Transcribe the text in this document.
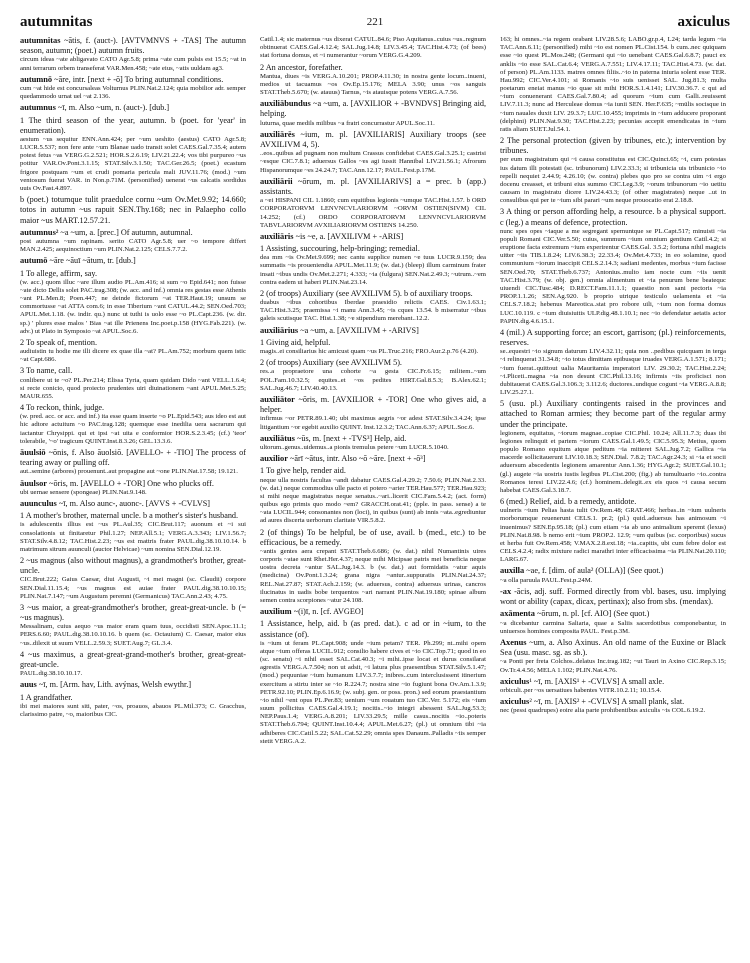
autumnitas	221	axiculus
autumnitas ~ātis, f. (auct-). [AVTVMNVS + -TAS] The autumn season, autumn; (poet.) autumn fruits.
circum ideas ~ate abligavato CATO Agr.5.8; prima ~ate cum pulsis est 15.5; ~at in anni terrarum orbem transeferat VAR.Men.458; ~ate eius, ~atis uuldam ag3.
autumnō ~āre, intr. [next + -ō] To bring autumnal conditions.
cum ~at hide est concursaleas Volturnus PLIN.Nat.2.124; quia mobilior adr. semper quedammodo urnat uel ~at 2.136.
autumnus ~ī, m. Also ~um, n. (auct-). [dub.]
1 The third season of the year, autumn. b (poet. for 'year' in enumeration).
aestum ~us sequitur ENN.Ann.424; per ~um ueshito (aestus) CATO Agr.5.8; LUCR.5.537; non fere ante ~um Blanae uado transit solet CAES.Gal.7.35.4; autem potest fetus ~as VERG.G.2.521; HOR.S.2.6.19; LIV.21.22.4; vos tibi purpureo ~us potitur VAR.Ov.Pont.3.1.15; STAT.Silv.3.1.50; TAC.Ger.26.5; (poet.) ecastum frigore postquam ~um et crudi pomaria pericula mali JUV.11.76; (mod.) ~um ventosum fuerat VAR. in Non.p.71M. (personified) uenerat ~us calcatis sordidus uuis Ov.Fast.4.897.
b (poet.) totumque tulit praedulce cornu ~um Ov.Met.9.92; 14.660; totos in autumn ~us rapuit SEN.Thy.168; nec in Palaepho collo maior ~us MART.12.57.21.
autumnus² ~a ~um, a. [prec.] Of autumn, autumnal.
post autumna ~um rapinam. serito CATO Agr.5.8; uer ~o tempore differt MAN.2.425; aequinoctium ~um PLIN.Nat.2.125; CELS.7.7.2.
autumō ~āre ~āuī ~ātum, tr. [dub.]
1 To allege, affirm, say.
(w. acc.) quom illuc ~are illum audio PL.Am.416; si sum ~o Epid.641; non fuisse ~ate dicto Dellis solet PAC.trag.308; (w. acc. and inf.) omnia res gestas esse Athenis ~ant PL.Men.8; Poen.447; ne deinde fictorum ~at TER.Haut.19; unsum se commortusse ~at ATTA com.6; in esse Tiberium ~ant CATUL.44.2; SEN.Oed.703; APUL.Met.1.18. (w. indir. qu.) nunc ut tuthi is uolo esse ~o PL.Capt.236. (w. dir. sp.) ' plures esse malos ' Bias ~at ille Prienens Inc.poet.p.158 (HYG.Fab.221). (w. adv.) ut Plato in Symposio ~at APUL.Soc.6.
2 To speak of, mention.
audiuistin tu hodie me illi dicere ex quae illa ~at? PL.Am.752; morbum quem istic ~at Capt.686.
3 To name, call.
conlibere ut te ~o? PL.Per.214; Elissa Tyria, quam quidam Dido ~ant VELL.1.6.4; si recte conicio, quod proiecto prudentes uiri diuinationem ~ant APUL.Met.5.25; MAUR.655.
4 To reckon, think, judge.
(w. pred. acc. or acc. and inf.) ita esse quam inserte ~o PL.Epid.543; aus ideo est aut hic adtore actuitum ~o PAC.trag.128; quemque esse inedilia uera sacrarum qui iactantur Chrysippi. qui et ipsi ~at uita e conformior HOR.S.2.3.45; (cf.) 'teor' tolerabile, '~o' tragicum QUINT.Inst.8.3.26; GEL.13.3.6.
āuulsiō ~ōnis, f. Also āuolsiō. [AVELLO- + -TIO] The process of tearing away or pulling off.
aut..semine (arbores) prouenunt..aut propagine aut ~one PLIN.Nat.17.58; 19.121.
āuulsor ~ōris, m. [AVELLO + -TOR] One who plucks off.
ubi uernae sensere (spongeae) PLIN.Nat.9.148.
auunculus ~ī, m. Also aunc-, auonc-. [AVVS + -CVLVS]
1 A mother's brother, maternal uncle. b a mother's sister's husband.
is adulescentis illius est ~us PL.Aul.35; CIC.Brut.117; auonum et ~i sui consolationis ut finitaretur Phil.1.27; NEP.All.5.1; VERG.A.3.343; LIV.1.56.7; STAT.Silv.4.8.12; TAC.Hist.2.23; ~us est mattris frater PAUL.dig.38.10.10.14. b matrimum sitrum auunculi (auctor Helvicae) ~um nomina SEN.Dial.12.19.
2 ~us magnus (also without magnus), a grandmother's brother, great-uncle.
CIC.Brut.222; Gaius Caesar, diui Augusti, ~i mei magni (sc. Claudii) corpore SEN.Dial.11.15.4; ~us magnus est auiae frater PAUL.dig.38.10.10.15; PLIN.Nat.7.147; ~um Augustum peremni (Germanicus) TAC.Ann.2.43; 4.75.
3 ~us maior, a great-grandmother's brother, great-great-uncle. b (= ~us magnus).
Messalinam, cuius aequo ~us maior eram quam tuus, occidisti SEN.Apoc.11.1; PERS.6.60; PAUL.dig.38.10.10.16. b quem (sc. Octauium) C. Caesar, maior eius ~us..dilexit ut suum VELL.2.59.3; SUET.Aug.7; GL.3.4.
4 ~us maximus, a great-great-grand-mother's brother, great-great-great-uncle.
PAUL.dig.38.10.10.17.
auus ~ī, m. [Arm. hav, Lith. avýnas, Welsh ewythr.]
1 A grandfather.
ibi mei maiores sunt siti, pater, ~os, proauos, abauos PL.Mil.373; C. Gracchus, clarissimo patre, ~o, maioribus CIC.
Catil.1.4; sic maternus ~us dixerat CATUL.84.6; Piso Aquitanus..cuius ~us..regnum obtinuerat CAES.Gal.4.12.4; SAL.Jug.14.8; LIV.3.45.4; TAC.Hist.4.73; (of bees) stat fortuna domus, et ~i numerantur ~orum VERG.G.4.209.
2 An ancestor, forefather.
Mantua, diues ~is VERG.A.10.201; PROP.4.11.30; in nostra gente locum..inueni, medios ut tacuamus ~os Ov.Ep.15.176; MELA 3.90; unus ~os sanguis STAT.Theb.5.670; (w. atauus) Tarnus, ~is atauisque potens VERG.A.7.56.
auxiliābundus ~a ~um, a. [AVXILIOR + -BVNDVS] Bringing aid, helping.
luturna, quae medils milibus ~a fratri concurrastur APUL.Soc.11.
auxiliārēs ~ium, m. pl. [AVXILIARIS] Auxiliary troops (see AVXILIVM 4, 5).
..eos..quibus ad pugnam non multum Crassus confidebat CAES.Gal.3.25.1; castrisi ~esque CIC.7.8.1; aduersus Gallos ~es agi iussit Hannibal LIV.21.56.1; Afrorum Hispanorumque ~es 24.24.7; TAC.Ann.12.17; PAUL.Fest.p.17M.
auxiliārii ~ōrum, m. pl. [AVXILIARIVS] a = prec. b (app.) assistants.
a ~ei HISPANI CIL 1.1860; cum equitibus legionis ~umque TAC.Hist.1.57. b ORD CORPORATORVM LENVNCVLARIORVM ~ORVM OSTIEN(SIVM) CIL 14.252; (cf.) ORDO CORPORATORVM LENVNCVLARIORVM TABVLARIORVM AVXILIARIORVM OSTIENS 14.250.
auxiliāris ~is ~e, a. [AVXILIVM + -ARIS]
1 Assisting, succouring, help-bringing; remedial.
dea mm ~is Ov.Met.9.699; nec cantu supplice numen ~e tuus LUCR.9.159; dea summatis ~is proueniendia APUL.Met.11.9; (w. dat.) (bleep) illum carminum frater insati ~ibus undis Ov.Met.2.271; 4.333; ~ia (fulgura) SEN.Nat.2.49.3; ~utrum..~em contra eadem ui haberi PLIN.Nat.23.14.
2 (of troops) Auxiliary (see AVXILIVM 5). b of auxiliary troops.
duabus ~ibus cohortibus Iberdae praesidio relictis CAES. Civ.1.63.1; TAC.Hist.3.25; praemissa ~i manu Ann.3.45; ~is cques 13.54. b miserratur ~ibus galeis scutisque TAC. Hist.1.38; ~e stipendium merebant..12.2.
auxiliārius ~a ~um, a. [AVXILIVM + -ARIVS]
1 Giving aid, helpful.
magis..ei consiliarius hic amicust quam ~us PL.Truc.216; FRO.Aur.2.p.76 (4.20).
2 (of troops) Auxiliary (see AVXILIVM 5).
res..a propraetore una cohorte ~a gesta CIC.Fr.6.15; militem..~um POL.Fam.10.32.5; equites..et ~os pedites HIRT.Gal.8.5.3; B.Alex.62.1; SAL.Jug.46.7; LIV.40.40.13.
auxiliātor ~ōris, m. [AVXILIOR + -TOR] One who gives aid, a helper.
infirmus ~or PETR.89.1.40; ubi maximus aegris ~or adest STAT.Silv.3.4.24; ipse litigantium ~or egebit auxilio QUINT. Inst.12.3.2; TAC.Ann.6.37; APUL.Soc.6.
auxiliātus ~ūs, m. [next + -TVS³] Help, aid.
ultorum..genus..uidemus..a pionis tremulus petere ~um LUCR.5.1040.
auxilior ~ārī ~ātus, intr. Also ~ō ~āre. [next + -ō³]
1 To give help, render aid.
neque ulla nostris facultas ~andi dabatur CAES.Gal.4.29.2; 7.50.6; PLIN.Nat.2.33. (w. dat.) neque commodius ulle pacto ei potero ~arier TER.Hau.577; TER.Hau.923; si mihi neque magistratus neque senatus..~ari..licerit CIC.Fam.5.4.2; (act. form) quibus ego primis quo modo ~em? GRACCH.orat.41; (pple. in pass. sense) a te ~ata LUCIL.944; consonantes non (loci), in quibus (sunt) ab innis ~ata..egrediuntur ad aures discerta uerborum claritate VIR.5.8.2.
2 (of things) To be helpful, be of use, avail. b (med., etc.) to be efficacious, be a remedy.
~antis gentes aera crepant STAT.Theb.6.686; (w. dat.) nihil Numantinis uires corporis ~atae sunt Rhet.Her.4.37; neque mihi Micipsae patris mei beneficia neque uostra decreta ~antur SAL.Jug.14.3. b (w. dat.) aut formidatis ~atur aquis (medicina) Ov.Pont.1.3.24; grana nigra ~antur..suppuratis PLIN.Nat.24.37; REL.Nat.27.87; STAT.Ach.2.159; (w. aduersus, contra) aduersus urinas, cancros ilucinatus in uadis bobe terquentos ~ari narrant PLIN.Nat.19.180; spinae album semen contra scorpiones ~atur 24.108.
auxilium ~(i)ī, n. [cf. AVGEO]
1 Assistance, help, aid. b (as pred. dat.). c ad or in ~ium, to the assistance (of).
is ~ium ut feram PL.Capt.908; unde ~ium petam? TER. Ph.299; nt..mihi opem atque ~ium offeras LUCIL.912; consilio habere cives et ~io CIC.Top.71; quod in eo (sc. senatu) ~i nihil esset SAL.Cat.40.3; ~i mihi..ipse locat et durus consilarat agrestis VERG.A.7.504; non ut adsit, ~i latura plus praesentibus STAT.Silv.5.1.47; (mod.) pequuniae ~ium humanum LIV.3.7.7; inibres..cum interclusissent itinerium exercitum a stirtu inter se ~io R.224.7; nostra sine ~io fugiunt bona Ov.Am.1.3.9; PETR.92.10; PLIN.Ep.6.16.9; (w. subj. gen. or poss. pron.) sed eorum praestantium ~io nihil ~ent opus PL.Per.83; uenium ~um rouatum tuo CIC.Ver. 5.172; eis ~ium suum pollicitus CAES.Gal.4.19.1; nocitis..~io integri abessent SAL.Jug.53.3; NEP.Paus.1.4; VERG.A.8.201; LIV.33.29.5; mille casus..nocitis ~io..poteris STAT.Theb.6.794; QUINT.Inst.10.4.4; APUL.Met.6.27; (pl.) ut omnium tibi ~ia adhiberes CIC.Catil.5.22; SAL.Cat.52.29; omnia spes Danaum..Palladis ~iis semper stetit VERG.A.2.
163; hi omnes..~ia regem orabant LIV.28.5.6; LABO.gr.p.4, L24; tarda legum ~ia TAC.Ann.6.11; (personified) mihi ~io est nomen PL.Cist.154. b cum..nec quiquam esse ~io quest PL.Mos.248; (Germani qui ~io uenebant CAES.Gal.6.8.7; pauci ex anklis ~io esse SAL.Cat.6.4; VERG.A.7.551; LIV.4.17.11; TAC.Hist.4.73. (w. dat. of person) PL.Am.1133. matres omnes filiis..~io in paterna iniuria solent esse TER. Hau.992; CIC.Ver.4.101; si Romanis ~io suis uenisset SAL. Jug.81.3; multa poetarum eneiat manus ~io quae sit mihi HOR.S.1.4.141; LIV.30.36.7. c qui ad ~ium conuenerant CAES.Gal.7.80.4; ad quorum ~ium cum Galli..reuissent LIV.7.11.3; nunc ad Herculeae domus ~ia iunii SEN. Her.F.635; ~mülis socisque in ~ium nauales duxit LIV. 29.3.7; LUC.10.455; imprimis in ~ium adducere proporant (delphini) PLIN.Nat.9.30; TAC.Hist.2.23; pecunias accepit emendicatas in ~ium ratis aliam SUET.Jul.54.1.
2 The personal protection (given by tribunes, etc.); intervention by tribunes.
per eum magistratum qui ~i causa constitutus est CIC.Quinct.65; ~i, cum potestas ius datum illi potestati (sc. tribunorum) LIV.2.33.3; si tribunicia uis tribunicio ~io repelli nequiet 2.44.9; 4.26.10; (w. contra) plebes quo pro se contra uim ~i ergo docenu creasset, et tribuni eius summo CIC.Leg.3.9; ~orum tribunorum ~io uetitu causam in magistratu dicere LIV.24.43.3; (of other magistrates) neque ..ut in consulibus qui per te ~ium sibi parari ~um neque prouocatio erat 2.18.8.
3 A thing or person affording help, a resource. b a physical support. c (leg.) a means of defence, protection.
nunc spes opes ~iaque a me segregant spernuntque se PL.Capt.517; minuisti ~ia populi Romani CIC.Ver.5.50; cuius, summum ~ium omnium gentium Catil.4.2; si eruptione facta extremum ~ium experirentur CAES.Gal. 3.5.2; fortuna nihil magicis uitter ~iis TIB.1.8.24; LIV.6.38.3; 22.33.4; Ov.Met.4.733; in eo solamine, quod communium ~iorum inaccipit CELS.2.14.3; sadiani medentes, morbus ~ium facisse SEN.Oed.70; STAT.Theb.6.737; Antonius..multo iam nocte cum ~iis uenit TAC.Hist.3.79; (w. obj. gen.) omnia alimentum et ~ia penurum bene beatequc uiuendi CIC.Tusc.484; D.RECT.Fam.11.1.1; quaestio non sani pectoris ~ia PROP.1.1.26; SEN.Ag.920. b proprio utrique testiculo uelamenta et ~ia CELS.7.18.2; hebenus Mareotica..stat pro robore uili, ~ium non forma domus LUC.10.119. c ~ium diuisiuitis ULP.dig.48.1.10.1; nec ~io defendatur aetatis actor PAPIN.dig.4.6.15.1.
4 (mil.) A supporting force; an escort, garrison; (pl.) reinforcements, reserves.
se..equestri ~io signum daturum LIV.4.32.11; quia non ..pedibus quicquam in terga ~i relinquerat 31.34.8; ~io totus dimittam epibusque iruades VERG.A.1.571; 8.171; ~ium fuerat..quittout ualia Mauritamia imperatori LIV. 29.30.2; TAC.Hist.2.24; ~i.Pliceti..magna ~ia non desunt CIC.Phil.13.16; infirmis ~iis proficisci non dubitauerat CAES.Gal.3.106.3; 3.112.6; ductores..undique cogunt ~ia VERG.A.8.8; LIV.25.27.1.
5 (usu. pl.) Auxiliary contingents raised in the provinces and attached to Roman armies; they become part of the regular army under the principate.
legionem, equitatus, ~iorum magnae..copiae CIC.Phil. 10.24; All.11.7.3; duas ibi legiones relinquit et partem ~iorum CAES.Gal.1.49.5; CIC.5.95.3; Metius, quom populo Romano equitum atque peditum ~ia mitteret SAL.Jug.7.2; Gallica ~ia macerde sollicitauerunt LIV.10.18.3; SEN.Dial. 7.8.2; TAC.Agr.24.3; si ~ia et socii aduersum abscedentis legionem amarentur Ann.1.36; HYG.Agr.2; SUET.Gal.10.1; (gl.) augete ~ia uostris iustis legibus PL.Cist.200; (fig.) ab tumultuario ~io..contra Romanos teresi LIV.22.4.6; (cf.) hominem..delegit..ex eis quos ~i causa secum habebat CAES.Gal.3.18.7.
6 (med.) Relief, aid. b a remedy, antidote.
uulneris ~ium Pelias hasta tulit Ov.Rem.48; GRAT.466; herbas..in ~ium uulneris morborumque reuenerunt CELS.1. pr.2; (pl.) quid..aduersus has animosum ~i inuenimus? SEN.Ep.95.18; (pl.) cum eiiam ~ia ab uno animalium speremt (lexus) PLIN.Nat.8.98. b nemo erit ~ium PROP.2. 12.9; ~um quibus (sc. corporibus) sucus et herba fuit Ov.Rem.458; V.MAX.2.8.ext.18; ~ia..capitis, ubi cum febre dolor est CELS.4.2.4; radix mixture radici marathri inter efficacissima ~ia PLIN.Nat.20.110; LARG.67.
auxilla ~ae, f. [dim. of aula² (OLLA)] (See quot.)
~a olla paruula PAUL.Fest.p.24M.
-ax -ācis, adj. suff. Formed directly from vbl. bases, usu. implying wont or ability (capax, dicax, pertinax); also from sbs. (mendax).
axāmenta ~ōrum, n. pl. [cf. AIO] (See quot.)
~a dicebantur carmina Saliaria, quae a Saliis sacerdotibus componebantur, in uniuersos homines composita PAUL. Fest.p.3M.
Axenus ~um, a. Also Axinus. An old name of the Euxine or Black Sea (usu. masc. sg. as sb.).
~a Ponti per freta Colchos..delatus Inc.trag.182; ~ut Tauri in Axino CIC.Rep.3.15; Ov.Tr.4.4.56; MELA 1.102; PLIN.Nat.4.76.
axiculus¹ ~ī, m. [AXIS¹ + -CVLVS] A small axle.
orbiculi..per ~os uersatiues habentes VITR.10.2.11; 10.15.4.
axiculus² ~ī, m. [AXIS² + -CVLVS] A small plank, slat.
nec (pessi quadrupes) eoire alia parte prohibentibus axiculis ~is COL.6.19.2.
